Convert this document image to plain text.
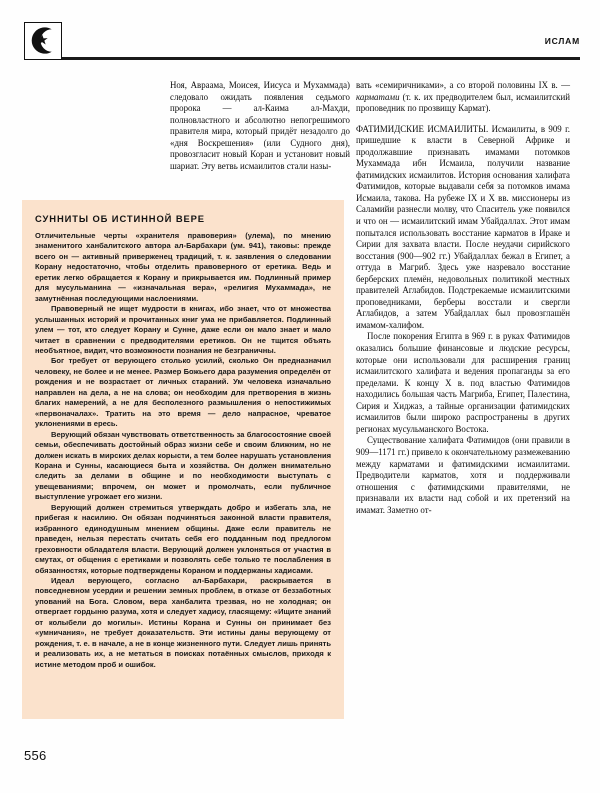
ИСЛАМ

Ноя, Авраама, Моисея, Иисуса и Мухаммада) следовало ожидать появления седьмого пророка — ал-Каима ал-Махди, полновластного и абсолютно непогрешимого правителя мира, который придёт незадолго до «дня Воскрешения» (или Судного дня), провозгласит новый Коран и установит новый шариат. Эту ветвь исмаилитов стали назы-

вать «семиричниками», а со второй половины IX в. — карматами (т. к. их предводителем был, исмаилитский проповедник по прозвищу Кармат).

ФАТИМИДСКИЕ ИСМАИЛИТЫ. Исмаилиты, в 909 г. пришедшие к власти в Северной Африке и продолжавшие признавать имамами потомков Мухаммада ибн Исмаила, получили название фатимидских исмаилитов. История основания халифата Фатимидов, которые выдавали себя за потомков имама Исмаила, такова. На рубеже IX и X вв. миссионеры из Саламийи разнесли молву, что Спаситель уже появился и что он — исмаилитский имам Убайдаллах. Этот имам попытался использовать восстание карматов в Ираке и Сирии для захвата власти. После неудачи сирийского восстания (900—902 гг.) Убайдаллах бежал в Египет, а оттуда в Магриб. Здесь уже назревало восстание берберских племён, недовольных политикой местных правителей Аглабидов. Подстрекаемые исмаилитскими проповедниками, берберы восстали и свергли Аглабидов, а затем Убайдаллах был провозглашён имамом-халифом.

После покорения Египта в 969 г. в руках Фатимидов оказались большие финансовые и людские ресурсы, которые они использовали для расширения границ исмаилитского халифата и ведения пропаганды за его пределами. К концу X в. под властью Фатимидов находились большая часть Магриба, Египет, Палестина, Сирия и Хиджаз, а тайные организации фатимидских исмаилитов были широко распространены в других регионах мусульманского Востока.

Существование халифата Фатимидов (они правили в 909—1171 гг.) привело к окончательному размежеванию между карматами и фатимидскими исмаилитами. Предводители карматов, хотя и поддерживали отношения с фатимидскими правителями, не признавали их власти над собой и их претензий на имамат. Заметно от-

СУННИТЫ ОБ ИСТИННОЙ ВЕРЕ

Отличительные черты «хранителя правоверия» (улема), по мнению знаменитого ханбалитского автора ал-Барбахари (ум. 941), таковы: прежде всего он — активный приверженец традиций, т. к. заявления о следовании Корану недостаточно, чтобы отделить правоверного от еретика. Ведь и еретик легко обращается к Корану и прикрывается им. Подлинный пример для мусульманина — «изначальная вера», «религия Мухаммада», не замутнённая последующими наслоениями.

Правоверный не ищет мудрости в книгах, ибо знает, что от множества услышанных историй и прочитанных книг ума не прибавляется. Подлинный улем — тот, кто следует Корану и Сунне, даже если он мало знает и мало читает в сравнении с предводителями еретиков. Он не тщится объять необъятное, видит, что возможности познания не безграничны.

Бог требует от верующего столько усилий, сколько Он предназначил человеку, не более и не менее. Размер Божьего дара разумения определён от рождения и не возрастает от личных стараний. Ум человека изначально направлен на дела, а не на слова; он необходим для претворения в жизнь благих намерений, а не для бесполезного размышления о непостижимых «первоначалах». Тратить на это время — дело напрасное, чреватое уклонениями в ересь.

Верующий обязан чувствовать ответственность за благосостояние своей семьи, обеспечивать достойный образ жизни себе и своим ближним, но не должен искать в мирских делах корысти, а тем более нарушать установления Корана и Сунны, касающиеся быта и хозяйства. Он должен внимательно следить за делами в общине и по необходимости выступать с увещеваниями; впрочем, он может и промолчать, если публичное выступление угрожает его жизни.

Верующий должен стремиться утверждать добро и избегать зла, не прибегая к насилию. Он обязан подчиняться законной власти правителя, избранного единодушным мнением общины. Даже если правитель не праведен, нельзя перестать считать себя его подданным под предлогом греховности обладателя власти. Верующий должен уклоняться от участия в смутах, от общения с еретиками и позволять себе только те послабления в обязанностях, которые подтверждены Кораном и поддержаны хадисами.

Идеал верующего, согласно ал-Барбахари, раскрывается в повседневном усердии и решении земных проблем, в отказе от беззаботных упований на Бога. Словом, вера ханбалита трезвая, но не холодная; он отвергает гордыню разума, хотя и следует хадису, гласящему: «Ищите знаний от колыбели до могилы». Истины Корана и Сунны он принимает без «умничания», не требует доказательств. Эти истины даны верующему от рождения, т. е. в начале, а не в конце жизненного пути. Следует лишь принять и реализовать их, а не метаться в поисках потаённых смыслов, приходя к истине методом проб и ошибок.

556
